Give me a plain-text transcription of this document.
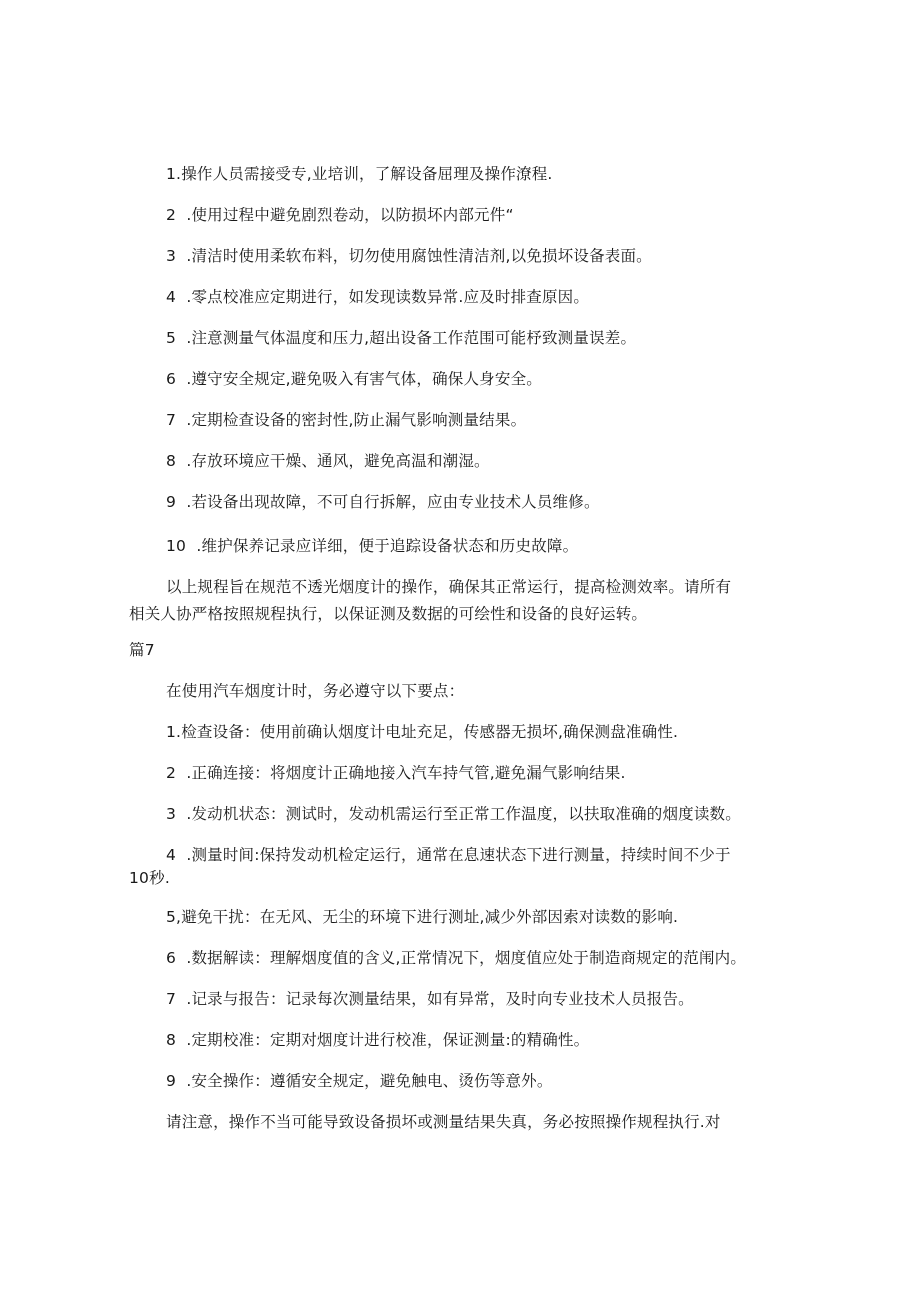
1.操作人员需接受专,业培训，了解设备屈理及操作潦程.
2  .使用过程中避免剧烈卷动，以防损坏内部元件“
3  .清洁时使用柔软布料，切勿使用腐蚀性清洁剂,以免损坏设备表面。
4  .零点校准应定期进行，如发现读数异常.应及时排查原因。
5  .注意测量气体温度和压力,超出设备工作范围可能杼致测量误差。
6  .遵守安全规定,避免吸入有害气体，确保人身安全。
7  .定期检查设备的密封性,防止漏气影响测量结果。
8  .存放环境应干燥、通风，避免高温和潮湿。
9  .若设备出现故障，不可自行拆解，应由专业技术人员维修。
10  .维护保养记录应详细，便于追踪设备状态和历史故障。
以上规程旨在规范不透光烟度计的操作，确保其正常运行，提高检测效率。请所有
相关人协严格按照规程执行，以保证测及数据的可绘性和设备的良好运转。
篇7
在使用汽车烟度计时，务必遵守以下要点：
1.检查设备：使用前确认烟度计电址充足，传感器无损坏,确保测盘准确性.
2  .正确连接：将烟度计正确地接入汽车持气管,避免漏气影响结果.
3  .发动机状态：测试时，发动机需运行至正常工作温度，以扶取准确的烟度读数。
4  .测量时间:保持发动机检定运行，通常在息速状态下进行测量，持续时间不少于
10秒.
5,避免干扰：在无风、无尘的环境下进行测址,减少外部因索对读数的影响.
6  .数据解读：理解烟度值的含义,正常情况下，烟度值应处于制造商规定的范闱内。
7  .记录与报告：记录每次测量结果，如有异常，及时向专业技术人员报告。
8  .定期校准：定期对烟度计进行校准，保证测量:的精确性。
9  .安全操作：遵循安全规定，避免触电、烫伤等意外。
请注意，操作不当可能导致设备损坏或测量结果失真，务必按照操作规程执行.对
